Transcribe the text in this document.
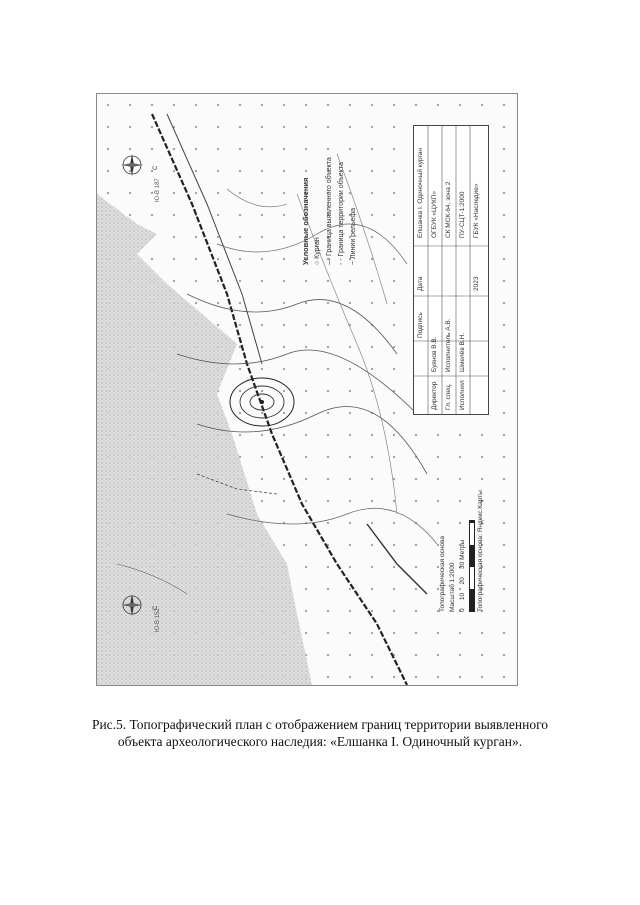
С
С
Ю-В 187
Ю-В 152
Условные обозначения ○ Курган
— Граница выявленного объекта
- - Граница территории объекта
~ Линии рельефа	Елшанка I. Одиночный курган ОГБУК «ЦУКП» СК МСК-64, зона 2 ПУ-СЦТ-1:2000 ГБУК «Наследие»
Дата
Подпись
Директор Гл. спец. Исполнил
Буянов В.В. Исполнитель А.В. Шмелёв В.Н.
2023
Топографическая основа Масштаб 1:2000 0  10  20  30 Метры	Топографическая основа: Яндекс.Карты
Рис.5. Топографический план с отображением границ территории выявленного объекта археологического наследия: «Елшанка I. Одиночный курган».
